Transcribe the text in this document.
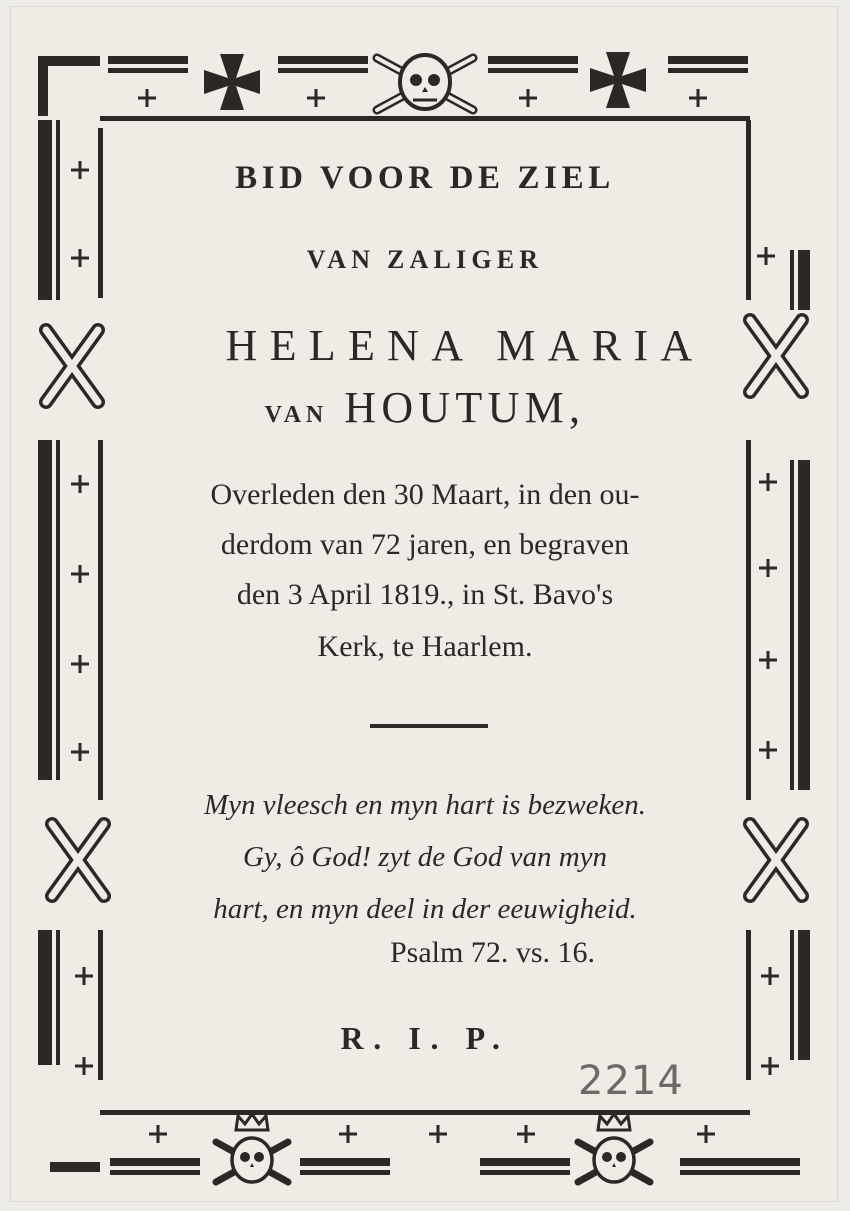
BID VOOR DE ZIEL
VAN ZALIGER
HELENA MARIA
VAN HOUTUM,
Overleden den 30 Maart, in den ou-
derdom van 72 jaren, en begraven
den 3 April 1819., in St. Bavo's
Kerk, te Haarlem.
Myn vleesch en myn hart is bezweken.
Gy, ô God! zyt de God van myn
hart, en myn deel in der eeuwigheid.
Psalm 72. vs. 16.
R. I. P.
2214
